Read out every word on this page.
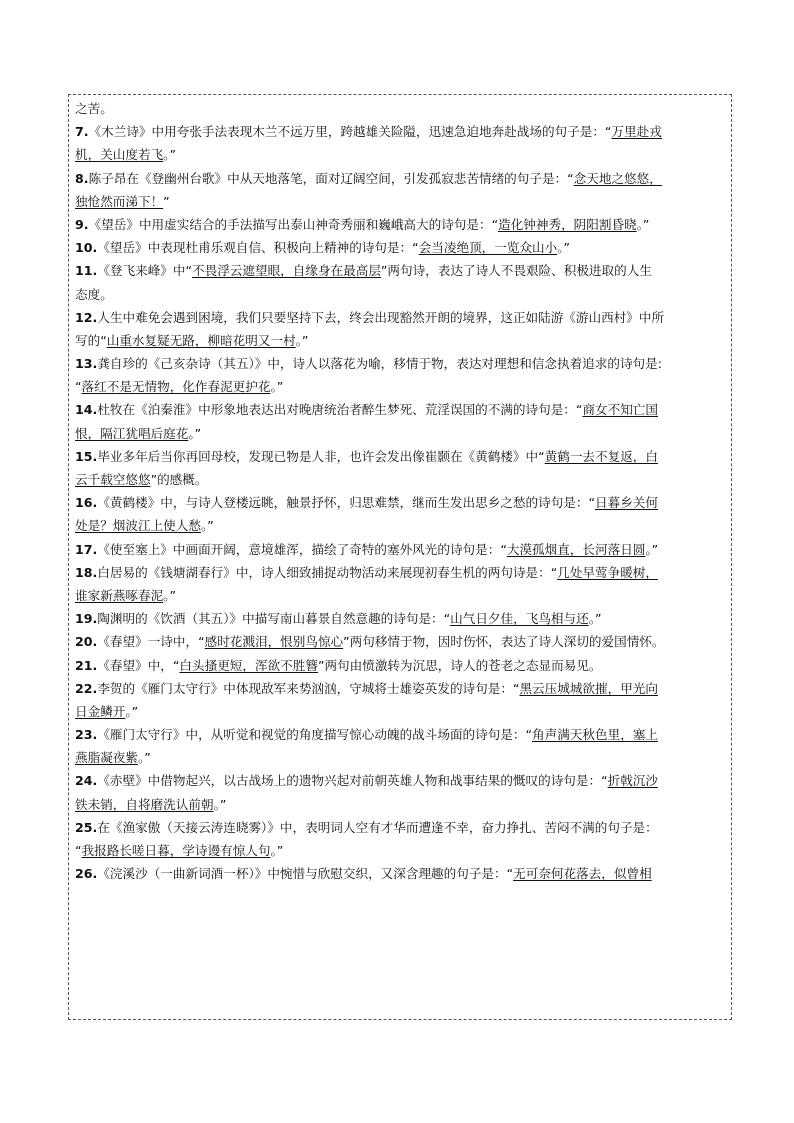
之苦。
7.《木兰诗》中用夸张手法表现木兰不远万里，跨越雄关险隘，迅速急迫地奔赴战场的句子是：“万里赴戎
机，关山度若飞。”
8.陈子昂在《登幽州台歌》中从天地落笔，面对辽阔空间，引发孤寂悲苦情绪的句子是：“念天地之悠悠，
独怆然而涕下！”
9.《望岳》中用虚实结合的手法描写出泰山神奇秀丽和巍峨高大的诗句是：“造化钟神秀，阴阳割昏晓。”
10.《望岳》中表现杜甫乐观自信、积极向上精神的诗句是：“会当凌绝顶，一览众山小。”
11.《登飞来峰》中“不畏浮云遮望眼，自缘身在最高层”两句诗，表达了诗人不畏艰险、积极进取的人生
态度。
12.人生中难免会遇到困境，我们只要坚持下去，终会出现豁然开朗的境界，这正如陆游《游山西村》中所
写的“山重水复疑无路，柳暗花明又一村。”
13.龚自珍的《己亥杂诗（其五）》中，诗人以落花为喻，移情于物，表达对理想和信念执着追求的诗句是:
“落红不是无情物，化作春泥更护花。”
14.杜牧在《泊秦淮》中形象地表达出对晚唐统治者醉生梦死、荒淫误国的不满的诗句是：“商女不知亡国
恨，隔江犹唱后庭花。”
15.毕业多年后当你再回母校，发现已物是人非，也许会发出像崔颢在《黄鹤楼》中“黄鹤一去不复返，白
云千载空悠悠”的感概。
16.《黄鹤楼》中，与诗人登楼远眺，触景抒怀，归思难禁，继而生发出思乡之愁的诗句是：“日暮乡关何
处是？烟波江上使人愁。”
17.《使至塞上》中画面开阔，意境雄浑，描绘了奇特的塞外风光的诗句是：“大漠孤烟直，长河落日圆。”
18.白居易的《钱塘湖春行》中，诗人细致捕捉动物活动来展现初春生机的两句诗是：“几处早莺争暖树，
谁家新燕啄春泥。”
19.陶渊明的《饮酒（其五）》中描写南山暮景自然意趣的诗句是：“山气日夕佳，飞鸟相与还。”
20.《春望》一诗中，“感时花溅泪，恨别鸟惊心”两句移情于物，因时伤怀，表达了诗人深切的爱国情怀。
21.《春望》中，“白头搔更短，浑欲不胜簪”两句由愤激转为沉思，诗人的苍老之态显而易见。
22.李贺的《雁门太守行》中体现敌军来势汹汹，守城将士雄姿英发的诗句是：“黑云压城城欲摧，甲光向
日金鳞开。”
23.《雁门太守行》中，从听觉和视觉的角度描写惊心动魄的战斗场面的诗句是：“角声满天秋色里，塞上
燕脂凝夜紫。”
24.《赤壁》中借物起兴，以古战场上的遗物兴起对前朝英雄人物和战事结果的慨叹的诗句是：“折戟沉沙
铁未销，自将磨洗认前朝。”
25.在《渔家傲（天接云涛连晓雾）》中，表明词人空有才华而遭逢不幸，奋力挣扎、苦闷不满的句子是：
“我报路长嗟日暮，学诗谩有惊人句。”
26.《浣溪沙（一曲新词酒一杯）》中惋惜与欣慰交织，又深含理趣的句子是：“无可奈何花落去，似曾相
